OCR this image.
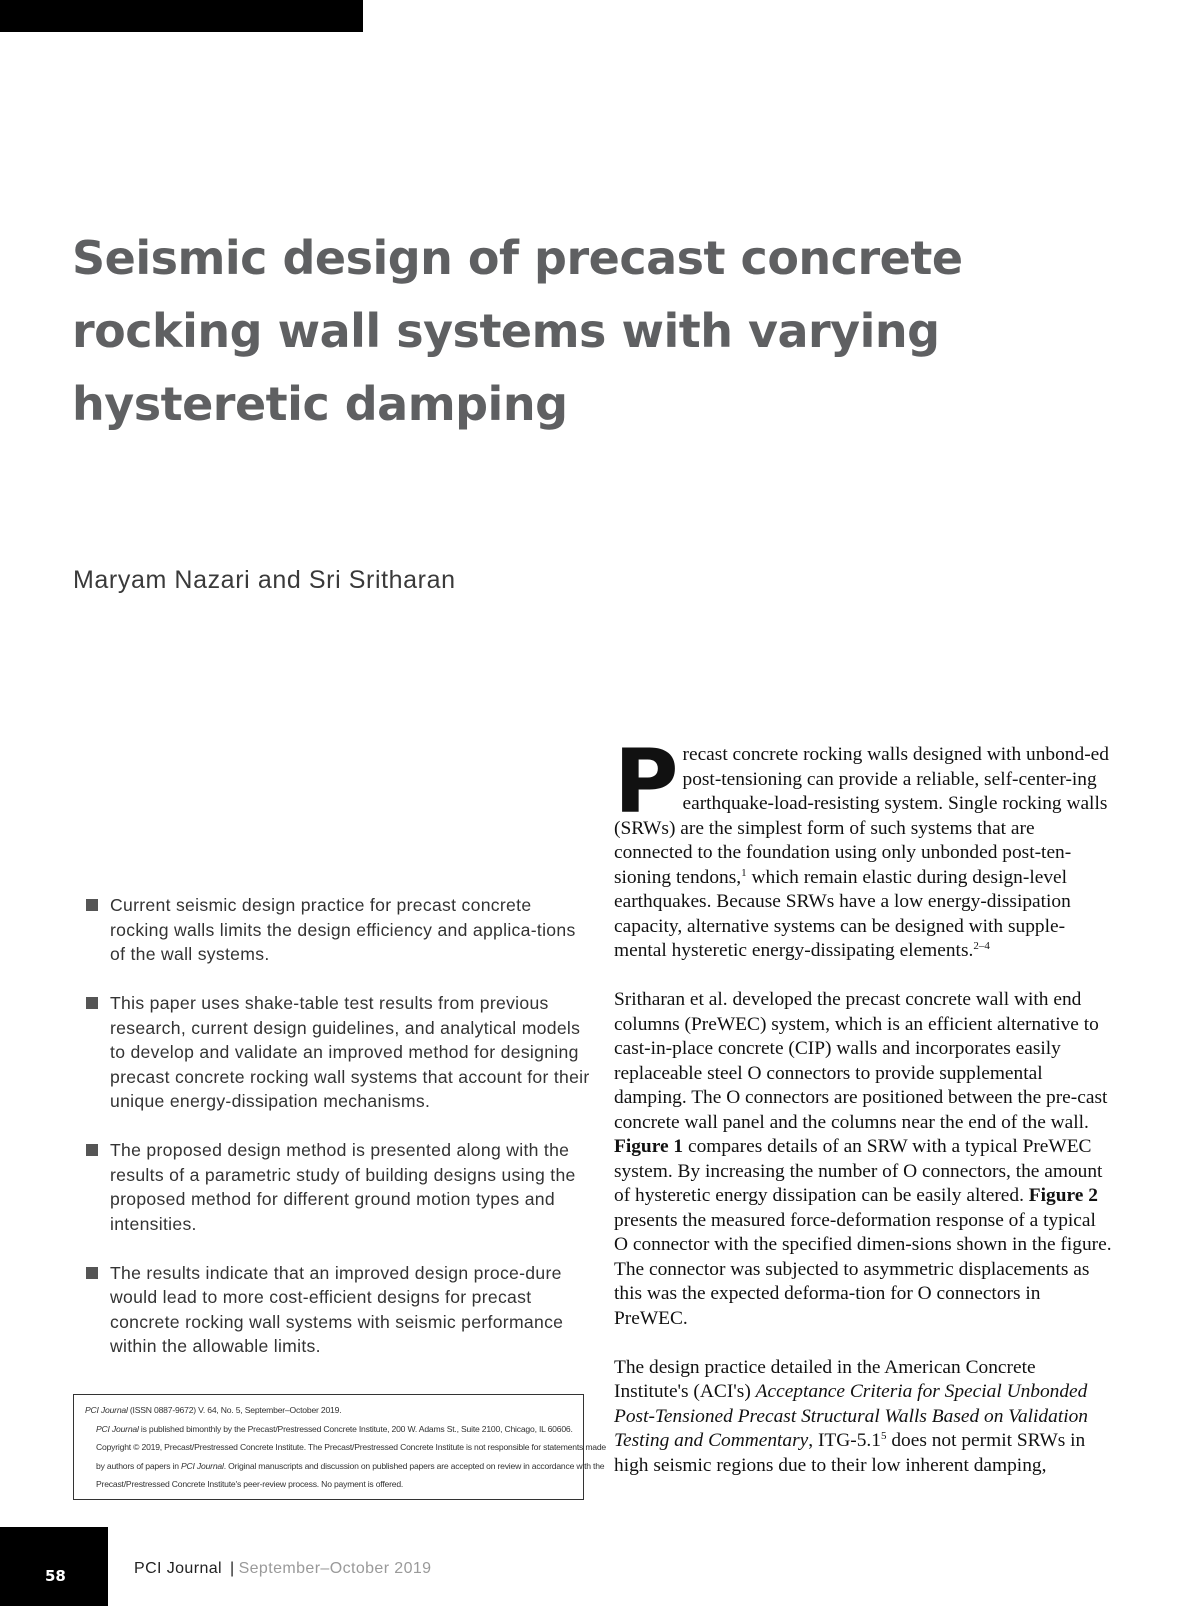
Seismic design of precast concrete rocking wall systems with varying hysteretic damping

Maryam Nazari and Sri Sritharan

Current seismic design practice for precast concrete rocking walls limits the design efficiency and applica-tions of the wall systems.
This paper uses shake-table test results from previous research, current design guidelines, and analytical models to develop and validate an improved method for designing precast concrete rocking wall systems that account for their unique energy-dissipation mechanisms.
The proposed design method is presented along with the results of a parametric study of building designs using the proposed method for different ground motion types and intensities.
The results indicate that an improved design proce-dure would lead to more cost-efficient designs for precast concrete rocking wall systems with seismic performance within the allowable limits.
PCI Journal (ISSN 0887-9672) V. 64, No. 5, September–October 2019.
PCI Journal is published bimonthly by the Precast/Prestressed Concrete Institute, 200 W. Adams St., Suite 2100, Chicago, IL 60606.
Copyright © 2019, Precast/Prestressed Concrete Institute. The Precast/Prestressed Concrete Institute is not responsible for statements made
by authors of papers in PCI Journal. Original manuscripts and discussion on published papers are accepted on review in accordance with the
Precast/Prestressed Concrete Institute's peer-review process. No payment is offered.

Precast concrete rocking walls designed with unbond-ed post-tensioning can provide a reliable, self-center-ing earthquake-load-resisting system. Single rocking walls (SRWs) are the simplest form of such systems that are connected to the foundation using only unbonded post-ten-sioning tendons,$^1$ which remain elastic during design-level earthquakes. Because SRWs have a low energy-dissipation capacity, alternative systems can be designed with supple-mental hysteretic energy-dissipating elements.$^{2-4}$

Sritharan et al. developed the precast concrete wall with end columns (PreWEC) system, which is an efficient alternative to cast-in-place concrete (CIP) walls and incorporates easily replaceable steel O connectors to provide supplemental damping. The O connectors are positioned between the pre-cast concrete wall panel and the columns near the end of the wall. Figure 1 compares details of an SRW with a typical PreWEC system. By increasing the number of O connectors, the amount of hysteretic energy dissipation can be easily altered. Figure 2 presents the measured force-deformation response of a typical O connector with the specified dimen-sions shown in the figure. The connector was subjected to asymmetric displacements as this was the expected deforma-tion for O connectors in PreWEC.

The design practice detailed in the American Concrete Institute's (ACI's) Acceptance Criteria for Special Unbonded Post-Tensioned Precast Structural Walls Based on Validation Testing and Commentary, ITG-$5.1^5$ does not permit SRWs in high seismic regions due to their low inherent damping,

58	PCI Journal | September–October 2019
